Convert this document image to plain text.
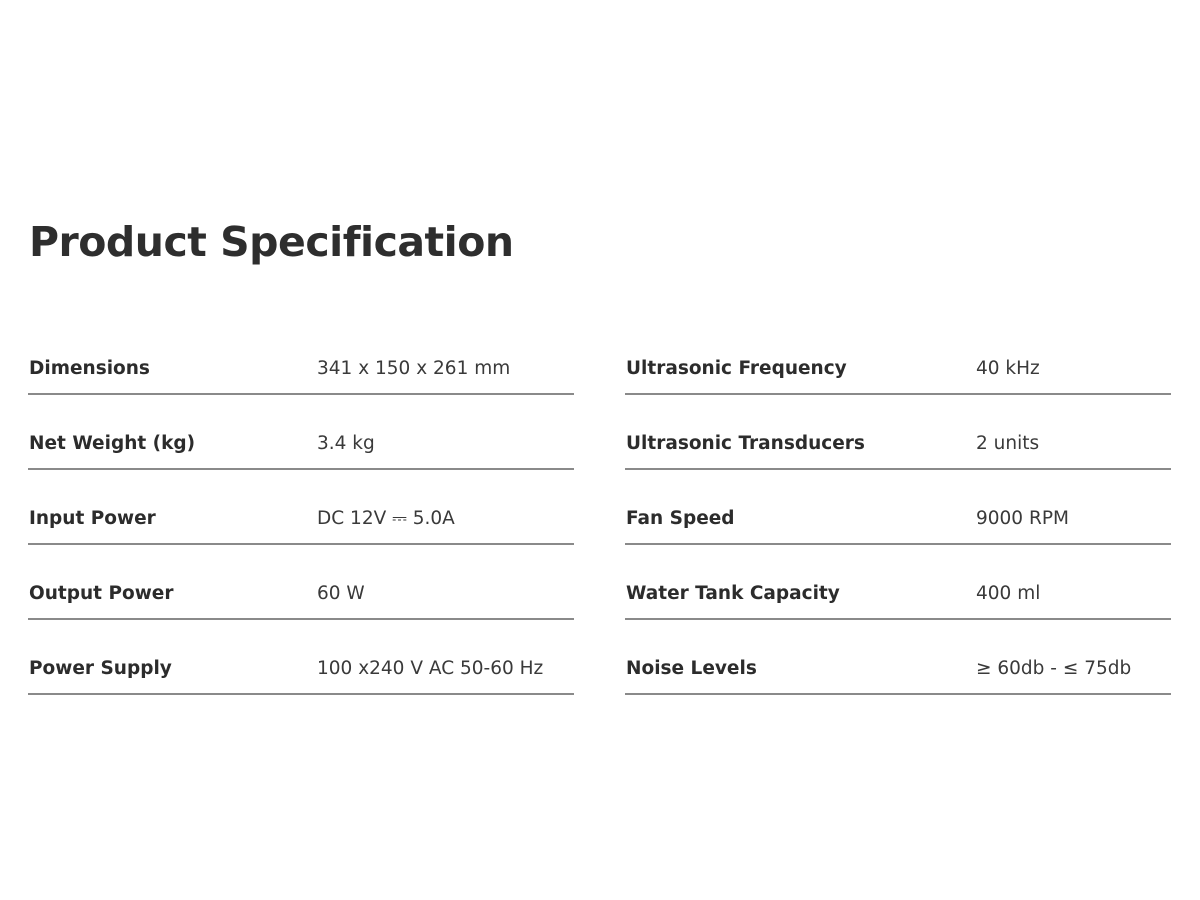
Product Specification
Dimensions	341 x 150 x 261 mm
Net Weight (kg)	3.4 kg
Input Power	DC 12V ⎓ 5.0A
Output Power	60 W
Power Supply	100 x240 V AC 50-60 Hz
Ultrasonic Frequency	40 kHz
Ultrasonic Transducers	2 units
Fan Speed	9000 RPM
Water Tank Capacity	400 ml
Noise Levels	≥ 60db - ≤ 75db
